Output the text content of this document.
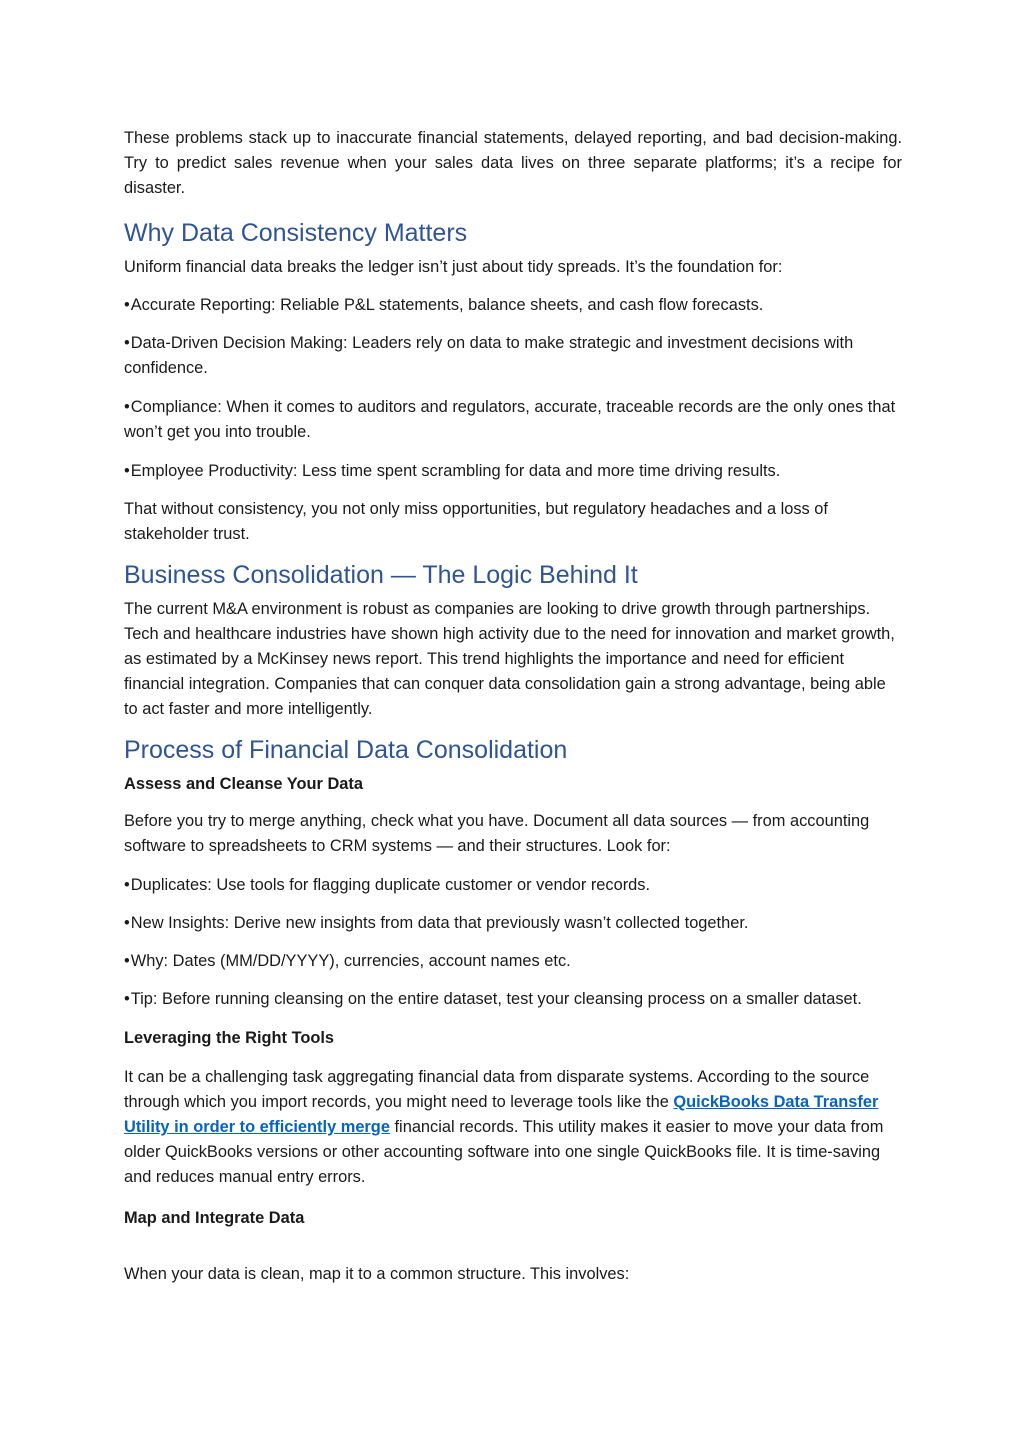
These problems stack up to inaccurate financial statements, delayed reporting, and bad decision-making. Try to predict sales revenue when your sales data lives on three separate platforms; it’s a recipe for disaster.

Why Data Consistency Matters

Uniform financial data breaks the ledger isn’t just about tidy spreads. It’s the foundation for:

• Accurate Reporting: Reliable P&L statements, balance sheets, and cash flow forecasts.

• Data-Driven Decision Making: Leaders rely on data to make strategic and investment decisions with confidence.

• Compliance: When it comes to auditors and regulators, accurate, traceable records are the only ones that won’t get you into trouble.

• Employee Productivity: Less time spent scrambling for data and more time driving results.

That without consistency, you not only miss opportunities, but regulatory headaches and a loss of stakeholder trust.

Business Consolidation — The Logic Behind It

The current M&A environment is robust as companies are looking to drive growth through partnerships. Tech and healthcare industries have shown high activity due to the need for innovation and market growth, as estimated by a McKinsey news report. This trend highlights the importance and need for efficient financial integration. Companies that can conquer data consolidation gain a strong advantage, being able to act faster and more intelligently.

Process of Financial Data Consolidation
Assess and Cleanse Your Data

Before you try to merge anything, check what you have. Document all data sources — from accounting software to spreadsheets to CRM systems — and their structures. Look for:

• Duplicates: Use tools for flagging duplicate customer or vendor records.

• New Insights: Derive new insights from data that previously wasn’t collected together.

• Why: Dates (MM/DD/YYYY), currencies, account names etc.

• Tip: Before running cleansing on the entire dataset, test your cleansing process on a smaller dataset.

Leveraging the Right Tools

It can be a challenging task aggregating financial data from disparate systems. According to the source through which you import records, you might need to leverage tools like the QuickBooks Data Transfer Utility in order to efficiently merge financial records. This utility makes it easier to move your data from older QuickBooks versions or other accounting software into one single QuickBooks file. It is time-saving and reduces manual entry errors.

Map and Integrate Data

When your data is clean, map it to a common structure. This involves:
